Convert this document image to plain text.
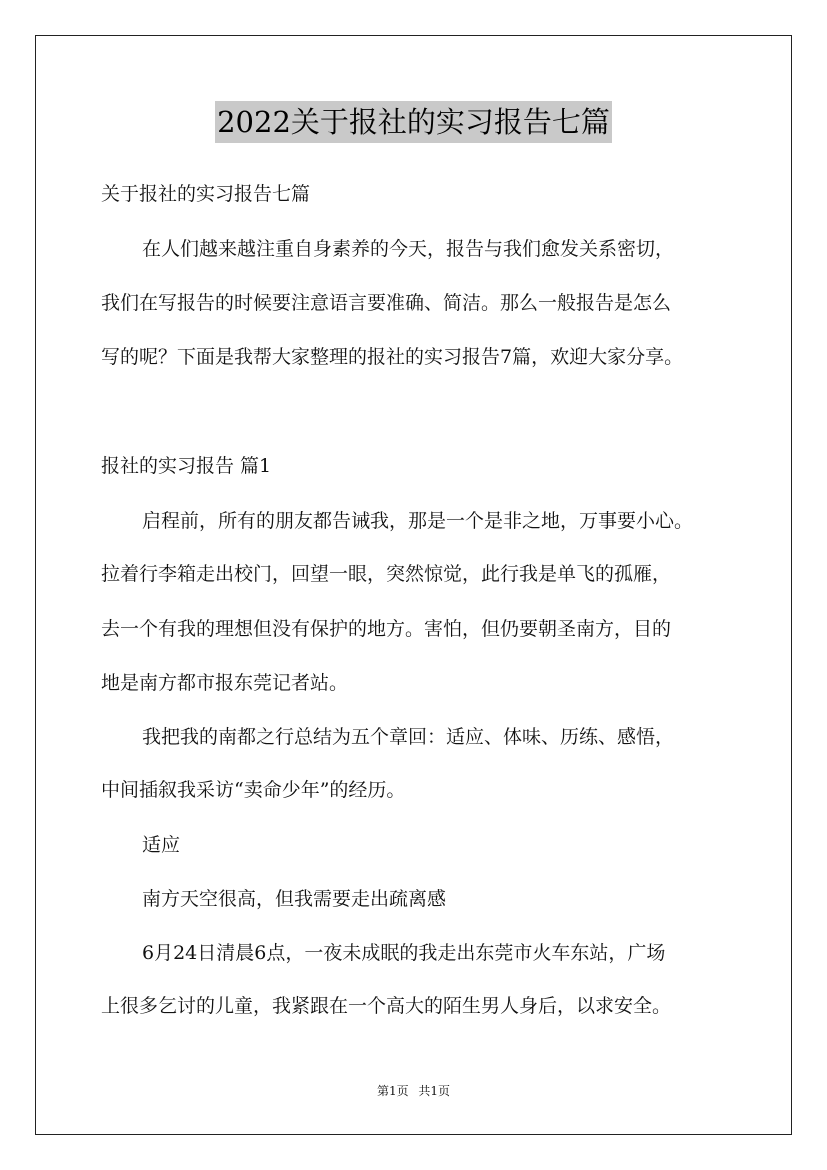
2022关于报社的实习报告七篇
关于报社的实习报告七篇
在人们越来越注重自身素养的今天，报告与我们愈发关系密切，
我们在写报告的时候要注意语言要准确、简洁。那么一般报告是怎么
写的呢？下面是我帮大家整理的报社的实习报告7篇，欢迎大家分享。
报社的实习报告 篇1
启程前，所有的朋友都告诫我，那是一个是非之地，万事要小心。
拉着行李箱走出校门，回望一眼，突然惊觉，此行我是单飞的孤雁，
去一个有我的理想但没有保护的地方。害怕，但仍要朝圣南方，目的
地是南方都市报东莞记者站。
我把我的南都之行总结为五个章回：适应、体味、历练、感悟，
中间插叙我采访“卖命少年”的经历。
适应
南方天空很高，但我需要走出疏离感
6月24日清晨6点，一夜未成眠的我走出东莞市火车东站，广场
上很多乞讨的儿童，我紧跟在一个高大的陌生男人身后，以求安全。
第1页 共1页
